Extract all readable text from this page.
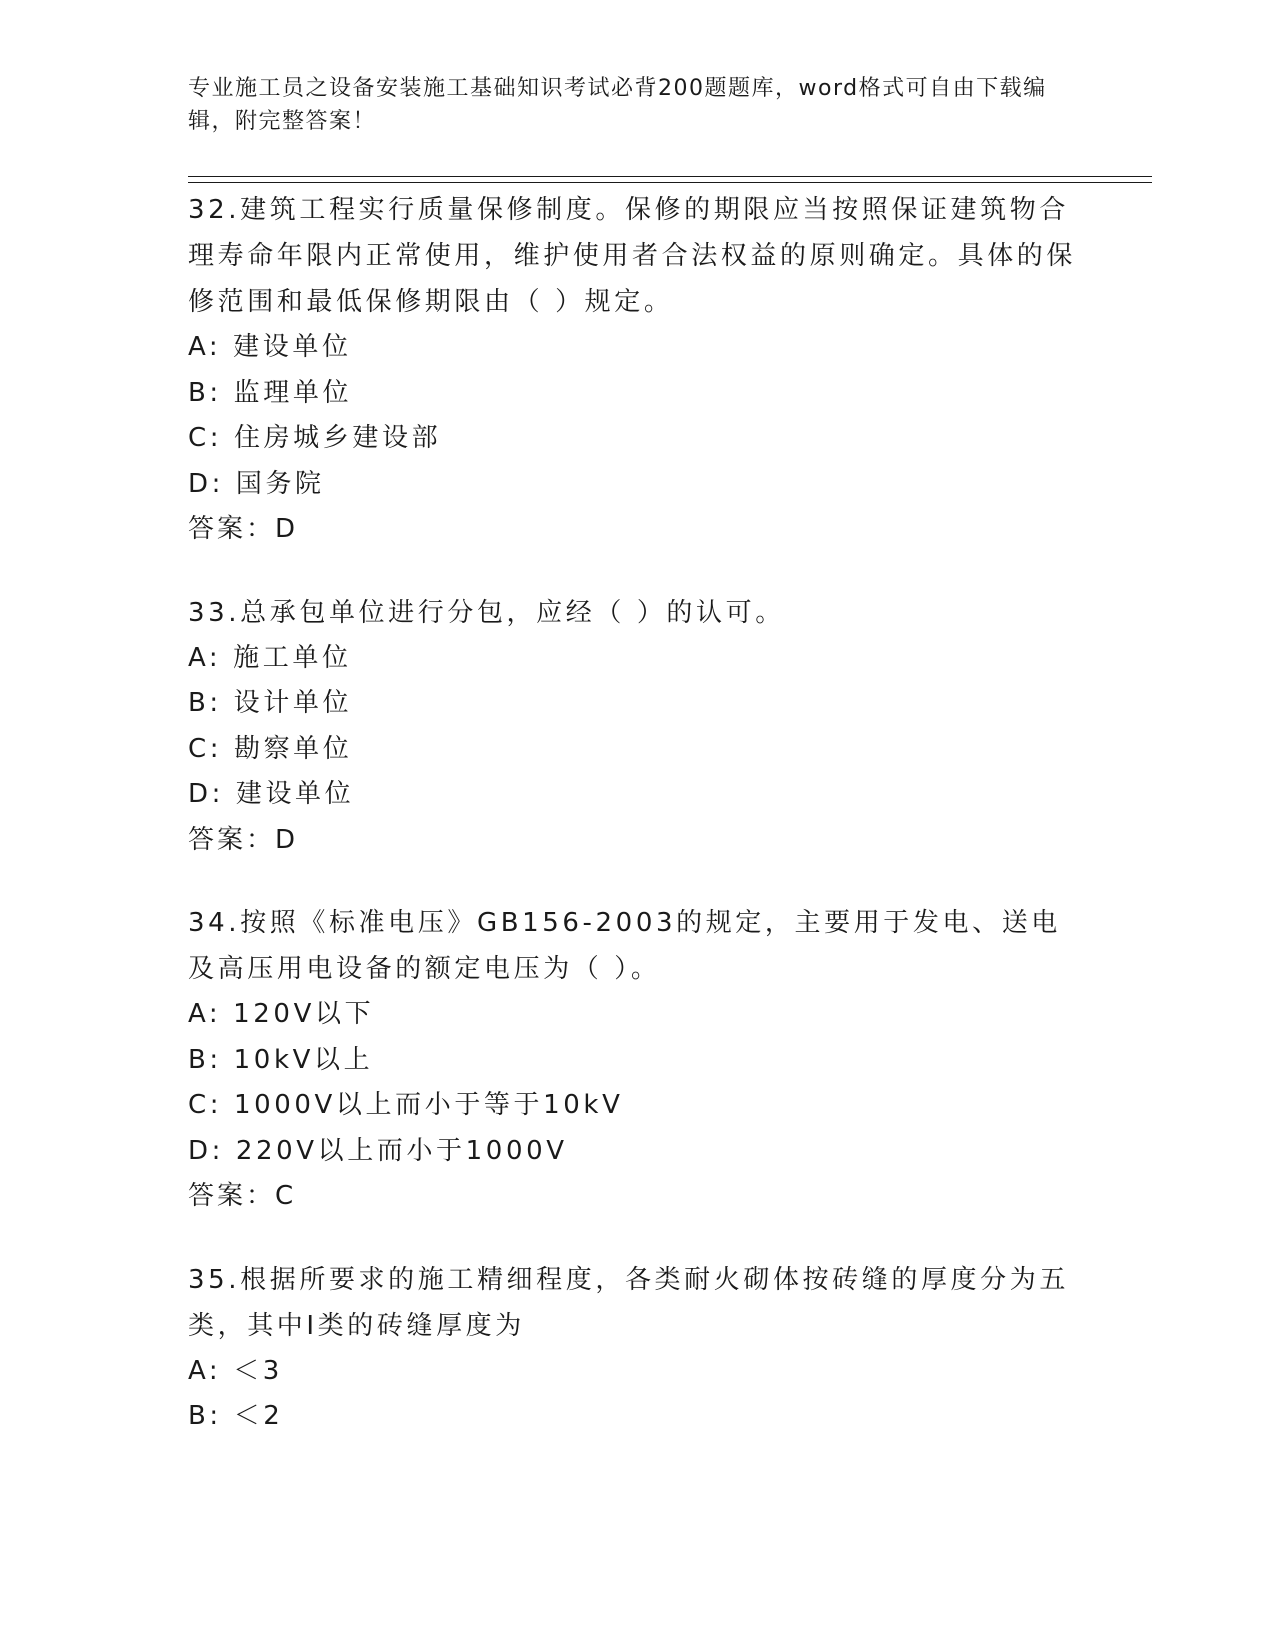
专业施工员之设备安装施工基础知识考试必背200题题库，word格式可自由下载编辑，附完整答案！
32.建筑工程实行质量保修制度。保修的期限应当按照保证建筑物合理寿命年限内正常使用，维护使用者合法权益的原则确定。具体的保修范围和最低保修期限由（ ）规定。
A: 建设单位
B: 监理单位
C: 住房城乡建设部
D: 国务院
答案：D
33.总承包单位进行分包，应经（ ）的认可。
A: 施工单位
B: 设计单位
C: 勘察单位
D: 建设单位
答案：D
34.按照《标准电压》GB156-2003的规定，主要用于发电、送电及高压用电设备的额定电压为（ ）。
A: 120V以下
B: 10kV以上
C: 1000V以上而小于等于10kV
D: 220V以上而小于1000V
答案：C
35.根据所要求的施工精细程度，各类耐火砌体按砖缝的厚度分为五类，其中I类的砖缝厚度为
A: ＜3
B: ＜2
